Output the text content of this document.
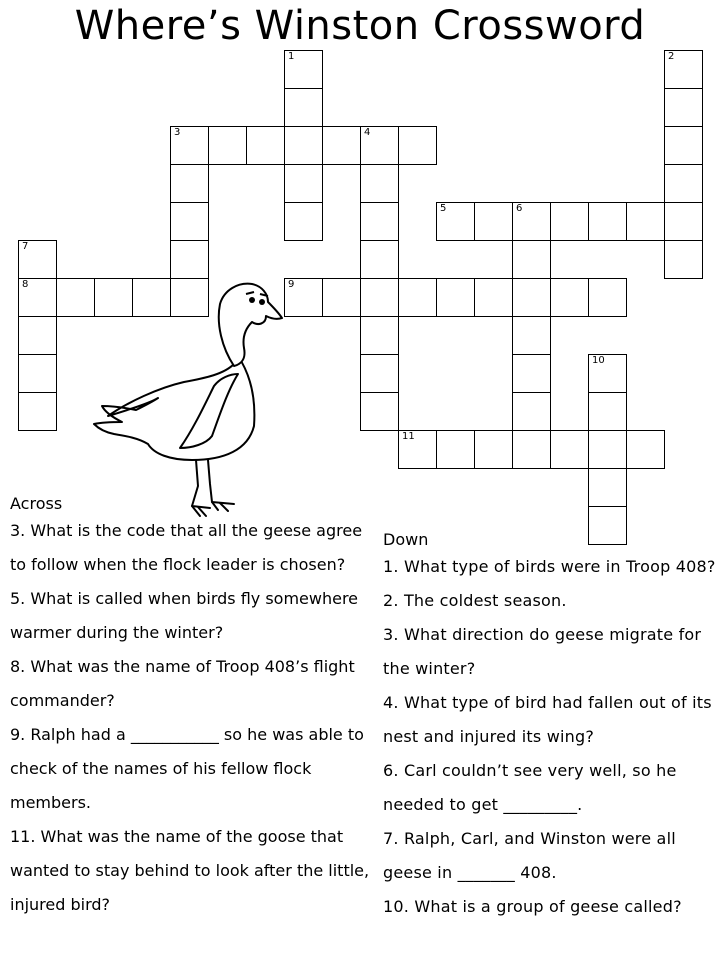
Where’s Winston Crossword
1	2
3	4
5	6
7
8	9
10
11
Across
3. What is the code that all the geese agree to follow when the flock leader is chosen?
5. What is called when birds fly somewhere warmer during the winter?
8. What was the name of Troop 408’s flight commander?
9. Ralph had a ___________ so he was able to check of the names of his fellow flock members.
11. What was the name of the goose that wanted to stay behind to look after the little, injured bird?
Down
1. What type of birds were in Troop 408?
2. The coldest season.
3. What direction do geese migrate for the winter?
4. What type of bird had fallen out of its nest and injured its wing?
6. Carl couldn’t see very well, so he needed to get _________.
7. Ralph, Carl, and Winston were all geese in _______ 408.
10. What is a group of geese called?
